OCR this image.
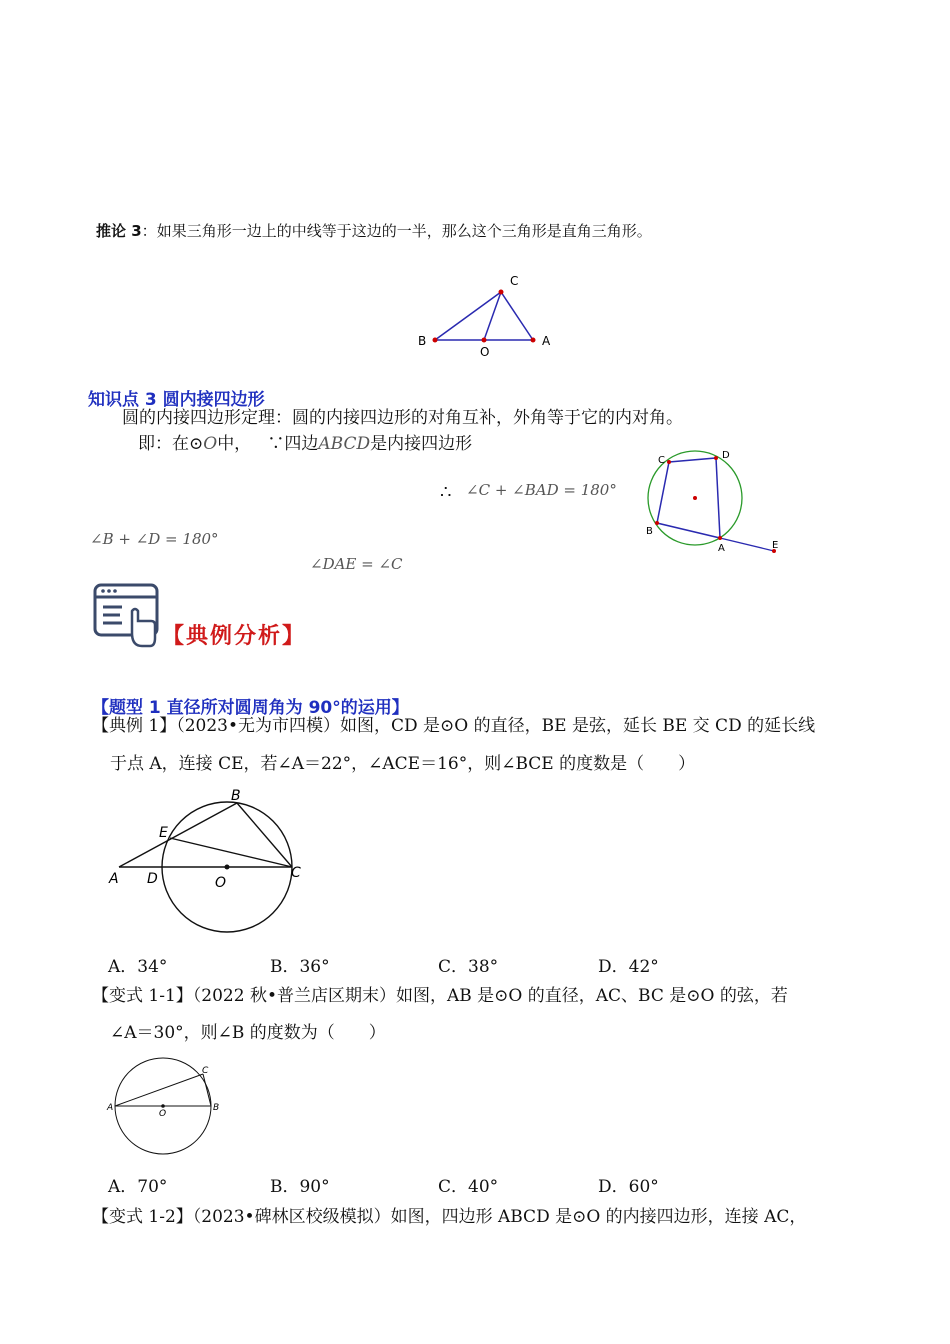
推论 3：如果三角形一边上的中线等于这边的一半，那么这个三角形是直角三角形。
C
B
O
A
知识点 3 圆内接四边形
圆的内接四边形定理：圆的内接四边形的对角互补，外角等于它的内对角。
即：在⊙O中，   ∵四边ABCD是内接四边形
∴ ∠C + ∠BAD = 180°
∠B + ∠D = 180°
∠DAE = ∠C
C	D
B
A	E
【典例分析】
【题型 1 直径所对圆周角为 90°的运用】
【典例 1】（2023•无为市四模）如图，CD 是⊙O 的直径，BE 是弦，延长 BE 交 CD 的延长线
于点 A，连接 CE，若∠A＝22°，∠ACE＝16°，则∠BCE 的度数是（　　）
B
E
A D	O
C
A．34°	B．36°	C．38°	D．42°
【变式 1-1】（2022 秋•普兰店区期末）如图，AB 是⊙O 的直径，AC、BC 是⊙O 的弦，若
∠A＝30°，则∠B 的度数为（　　）
A
O
B
C
A．70°	B．90°	C．40°	D．60°
【变式 1-2】（2023•碑林区校级模拟）如图，四边形 ABCD 是⊙O 的内接四边形，连接 AC，
